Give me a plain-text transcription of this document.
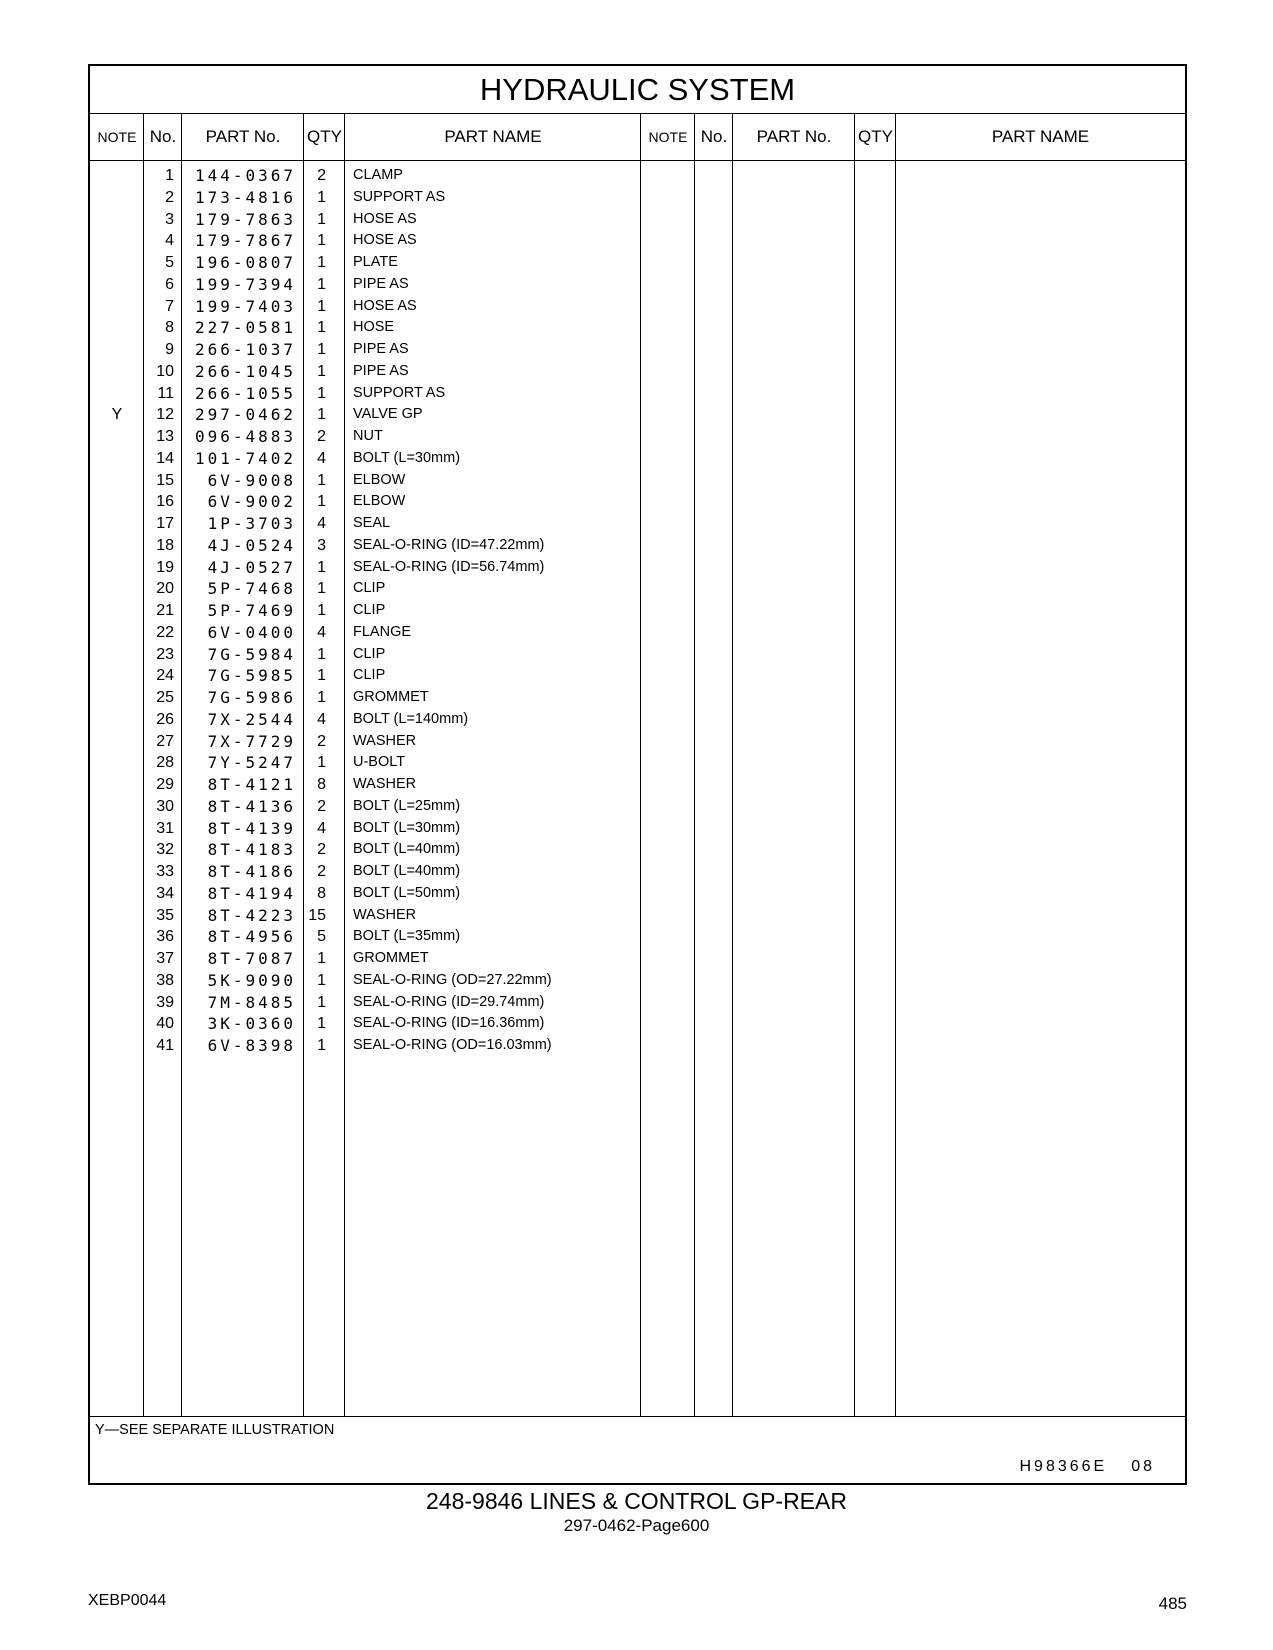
HYDRAULIC SYSTEM
NOTE No.	PART No.	QTY	PART NAME	NOTE No.	PART No.	QTY	PART NAME
1	144-0367	2 CLAMP
2	173-4816	1 SUPPORT AS
3	179-7863	1 HOSE AS
4	179-7867	1 HOSE AS
5	196-0807	1 PLATE
6	199-7394	1 PIPE AS
7	199-7403	1 HOSE AS
8	227-0581	1 HOSE
9	266-1037	1 PIPE AS
10	266-1045	1 PIPE AS
11	266-1055	1 SUPPORT AS
Y	12	297-0462	1 VALVE GP
13	096-4883	2 NUT
14	101-7402	4 BOLT (L=30mm)
15	6V-9008	1 ELBOW
16	6V-9002	1 ELBOW
17	1P-3703	4 SEAL
18	4J-0524	3 SEAL-O-RING (ID=47.22mm)
19	4J-0527	1 SEAL-O-RING (ID=56.74mm)
20	5P-7468	1 CLIP
21	5P-7469	1 CLIP
22	6V-0400	4 FLANGE
23	7G-5984	1 CLIP
24	7G-5985	1 CLIP
25	7G-5986	1 GROMMET
26	7X-2544	4 BOLT (L=140mm)
27	7X-7729	2 WASHER
28	7Y-5247	1 U-BOLT
29	8T-4121	8 WASHER
30	8T-4136	2 BOLT (L=25mm)
31	8T-4139	4 BOLT (L=30mm)
32	8T-4183	2 BOLT (L=40mm)
33	8T-4186	2 BOLT (L=40mm)
34	8T-4194	8 BOLT (L=50mm)
35	8T-4223 15 WASHER
36	8T-4956	5 BOLT (L=35mm)
37	8T-7087	1 GROMMET
38	5K-9090	1 SEAL-O-RING (OD=27.22mm)
39	7M-8485	1 SEAL-O-RING (ID=29.74mm)
40	3K-0360	1 SEAL-O-RING (ID=16.36mm)
41	6V-8398	1 SEAL-O-RING (OD=16.03mm)
Y—SEE SEPARATE ILLUSTRATION
H98366E 08
248-9846 LINES & CONTROL GP-REAR
297-0462-Page600
XEBP0044	485
